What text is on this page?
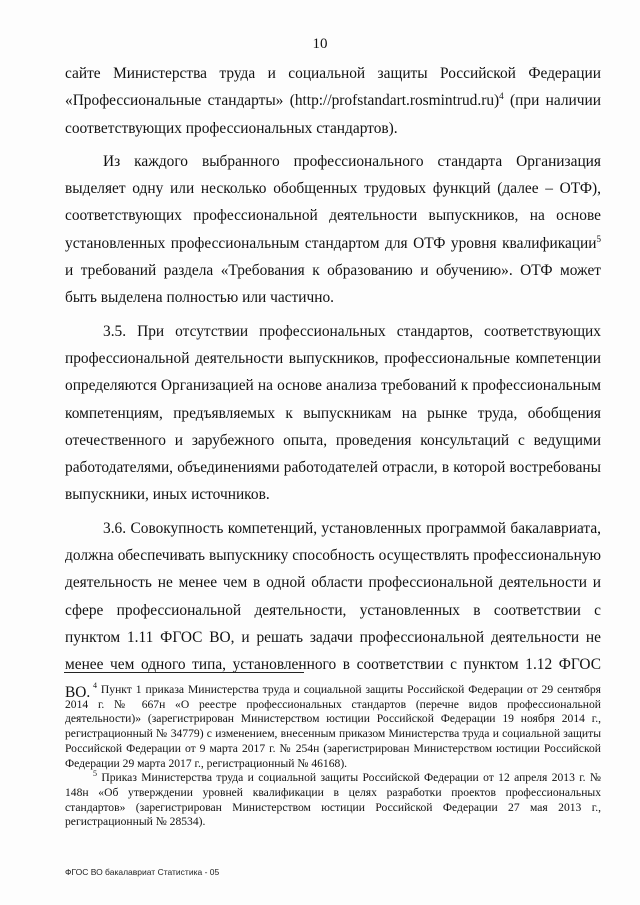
10

сайте Министерства труда и социальной защиты Российской Федерации «Профессиональные стандарты» (http://profstandart.rosmintrud.ru)$^4$ (при наличии соответствующих профессиональных стандартов).

Из каждого выбранного профессионального стандарта Организация выделяет одну или несколько обобщенных трудовых функций (далее – ОТФ), соответствующих профессиональной деятельности выпускников, на основе установленных профессиональным стандартом для ОТФ уровня квалификации$^5$ и требований раздела «Требования к образованию и обучению». ОТФ может быть выделена полностью или частично.

3.5. При отсутствии профессиональных стандартов, соответствующих профессиональной деятельности выпускников, профессиональные компетенции определяются Организацией на основе анализа требований к профессиональным компетенциям, предъявляемых к выпускникам на рынке труда, обобщения отечественного и зарубежного опыта, проведения консультаций с ведущими работодателями, объединениями работодателей отрасли, в которой востребованы выпускники, иных источников.

3.6. Совокупность компетенций, установленных программой бакалавриата, должна обеспечивать выпускнику способность осуществлять профессиональную деятельность не менее чем в одной области профессиональной деятельности и сфере профессиональной деятельности, установленных в соответствии с пунктом 1.11 ФГОС ВО, и решать задачи профессиональной деятельности не менее чем одного типа, установленного в соответствии с пунктом 1.12 ФГОС ВО. $^4$ Пункт 1 приказа Министерства труда и социальной защиты Российской Федерации от 29 сентября 2014 г. № 667н «О реестре профессиональных стандартов (перечне видов профессиональной деятельности)» (зарегистрирован Министерством юстиции Российской Федерации 19 ноября 2014 г., регистрационный № 34779) с изменением, внесенным приказом Министерства труда и социальной защиты Российской Федерации от 9 марта 2017 г. № 254н (зарегистрирован Министерством юстиции Российской Федерации 29 марта 2017 г., регистрационный № 46168).

$^5$ Приказ Министерства труда и социальной защиты Российской Федерации от 12 апреля 2013 г. № 148н «Об утверждении уровней квалификации в целях разработки проектов профессиональных стандартов» (зарегистрирован Министерством юстиции Российской Федерации 27 мая 2013 г., регистрационный № 28534).

ФГОС ВО бакалавриат Статистика - 05
